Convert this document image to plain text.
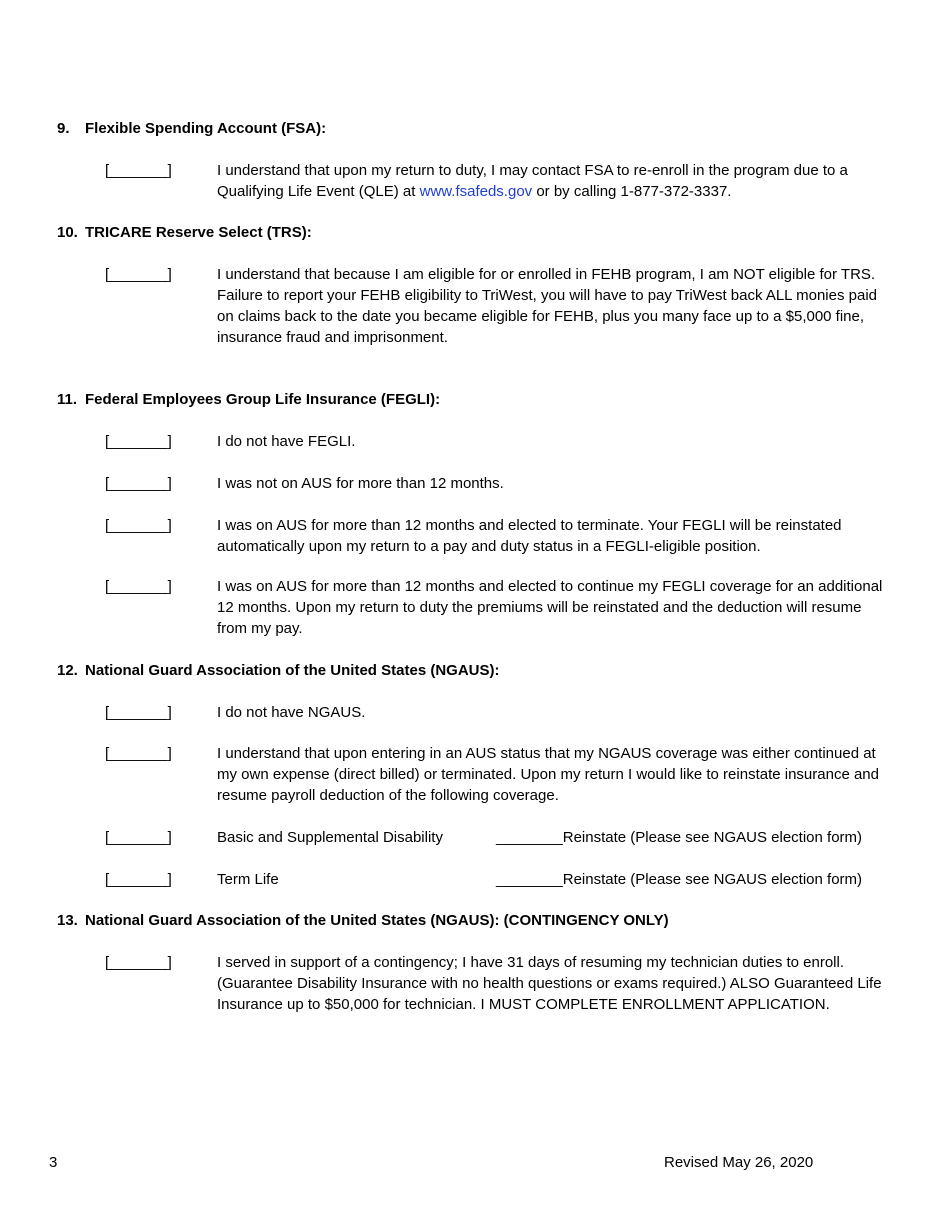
9. Flexible Spending Account (FSA):
[_______]	I understand that upon my return to duty, I may contact FSA to re-enroll in the program due to a Qualifying Life Event (QLE) at www.fsafeds.gov or by calling 1-877-372-3337.
10. TRICARE Reserve Select (TRS):
[_______]	I understand that because I am eligible for or enrolled in FEHB program, I am NOT eligible for TRS. Failure to report your FEHB eligibility to TriWest, you will have to pay TriWest back ALL monies paid on claims back to the date you became eligible for FEHB, plus you many face up to a $5,000 fine, insurance fraud and imprisonment.
11. Federal Employees Group Life Insurance (FEGLI):
[_______]	I do not have FEGLI.
[_______]	I was not on AUS for more than 12 months.
[_______]	I was on AUS for more than 12 months and elected to terminate. Your FEGLI will be reinstated automatically upon my return to a pay and duty status in a FEGLI-eligible position.
[_______]	I was on AUS for more than 12 months and elected to continue my FEGLI coverage for an additional 12 months. Upon my return to duty the premiums will be reinstated and the deduction will resume from my pay.
12. National Guard Association of the United States (NGAUS):
[_______]	I do not have NGAUS.
[_______]	I understand that upon entering in an AUS status that my NGAUS coverage was either continued at my own expense (direct billed) or terminated. Upon my return I would like to reinstate insurance and resume payroll deduction of the following coverage.
[_______]	Basic and Supplemental Disability	________Reinstate (Please see NGAUS election form)
[_______]	Term Life	________Reinstate (Please see NGAUS election form)
13. National Guard Association of the United States (NGAUS): (CONTINGENCY ONLY)
[_______]	I served in support of a contingency; I have 31 days of resuming my technician duties to enroll. (Guarantee Disability Insurance with no health questions or exams required.) ALSO Guaranteed Life Insurance up to $50,000 for technician. I MUST COMPLETE ENROLLMENT APPLICATION.
3	Revised May 26, 2020
